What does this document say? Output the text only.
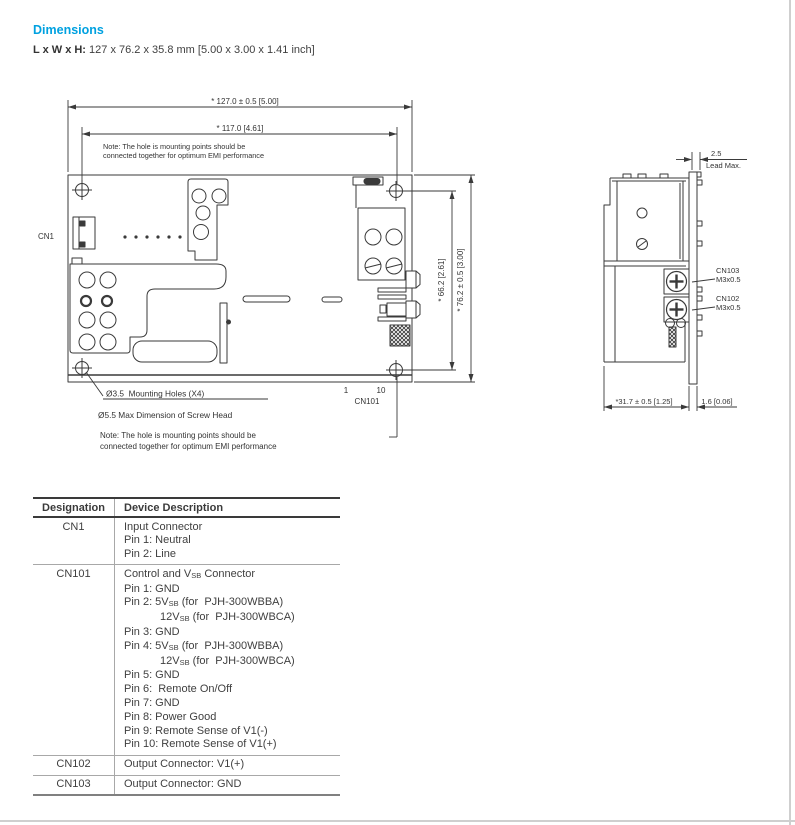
Dimensions
L x W x H: 127 x 76.2 x 35.8 mm [5.00 x 3.00 x 1.41 inch]
* 127.0 ± 0.5 [5.00]
* 117.0 [4.61]
Note: The hole is mounting points should be
connected together for optimum EMI performance
* 66.2 [2.61] * 76.2 ± 0.5 [3.00]
CN1
1	10
CN101
Ø3.5  Mounting Holes (X4)
Ø5.5 Max Dimension of Screw Head
Note: The hole is mounting points should be
connected together for optimum EMI performance
2.5
Lead Max.
CN103
M3x0.5
CN102
M3x0.5
*31.7 ± 0.5 [1.25]	1.6 [0.06]
Designation	Device Description
CN1	Input Connector
Pin 1: Neutral
Pin 2: Line
CN101	Control and VSB Connector
Pin 1: GND
Pin 2: 5VSB (for  PJH-300WBBA)
12VSB (for  PJH-300WBCA)
Pin 3: GND
Pin 4: 5VSB (for  PJH-300WBBA)
12VSB (for  PJH-300WBCA)
Pin 5: GND
Pin 6:  Remote On/Off
Pin 7: GND
Pin 8: Power Good
Pin 9: Remote Sense of V1(-)
Pin 10: Remote Sense of V1(+)
CN102	Output Connector: V1(+)
CN103	Output Connector: GND
